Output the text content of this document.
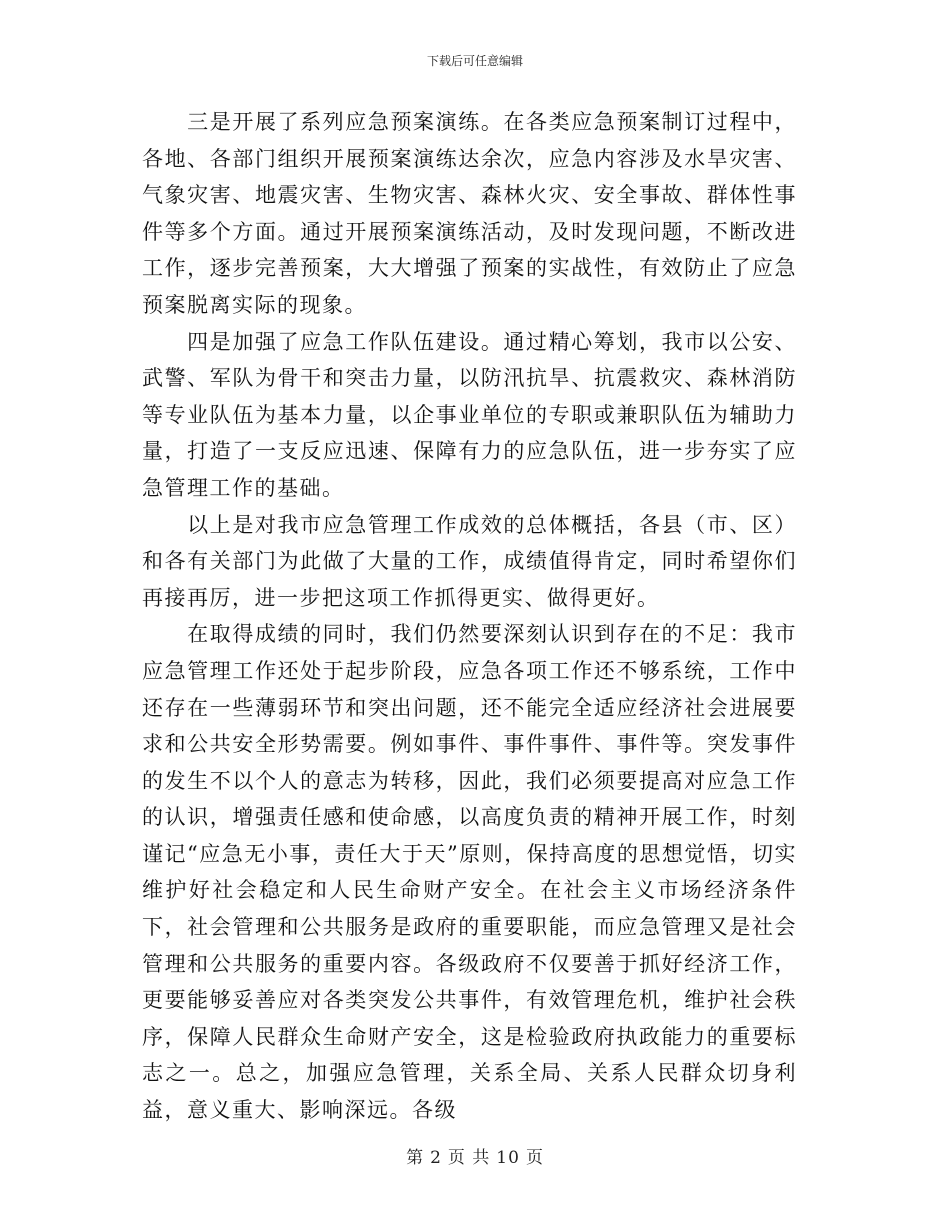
下载后可任意编辑

三是开展了系列应急预案演练。在各类应急预案制订过程中，各地、各部门组织开展预案演练达余次，应急内容涉及水旱灾害、气象灾害、地震灾害、生物灾害、森林火灾、安全事故、群体性事件等多个方面。通过开展预案演练活动，及时发现问题，不断改进工作，逐步完善预案，大大增强了预案的实战性，有效防止了应急预案脱离实际的现象。

四是加强了应急工作队伍建设。通过精心筹划，我市以公安、武警、军队为骨干和突击力量，以防汛抗旱、抗震救灾、森林消防等专业队伍为基本力量，以企事业单位的专职或兼职队伍为辅助力量，打造了一支反应迅速、保障有力的应急队伍，进一步夯实了应急管理工作的基础。

以上是对我市应急管理工作成效的总体概括，各县（市、区）和各有关部门为此做了大量的工作，成绩值得肯定，同时希望你们再接再厉，进一步把这项工作抓得更实、做得更好。

在取得成绩的同时，我们仍然要深刻认识到存在的不足：我市应急管理工作还处于起步阶段，应急各项工作还不够系统，工作中还存在一些薄弱环节和突出问题，还不能完全适应经济社会进展要求和公共安全形势需要。例如事件、事件事件、事件等。突发事件的发生不以个人的意志为转移，因此，我们必须要提高对应急工作的认识，增强责任感和使命感，以高度负责的精神开展工作，时刻谨记“应急无小事，责任大于天”原则，保持高度的思想觉悟，切实维护好社会稳定和人民生命财产安全。在社会主义市场经济条件下，社会管理和公共服务是政府的重要职能，而应急管理又是社会管理和公共服务的重要内容。各级政府不仅要善于抓好经济工作，更要能够妥善应对各类突发公共事件，有效管理危机，维护社会秩序，保障人民群众生命财产安全，这是检验政府执政能力的重要标志之一。总之，加强应急管理，关系全局、关系人民群众切身利益，意义重大、影响深远。各级

第 2 页 共 10 页
